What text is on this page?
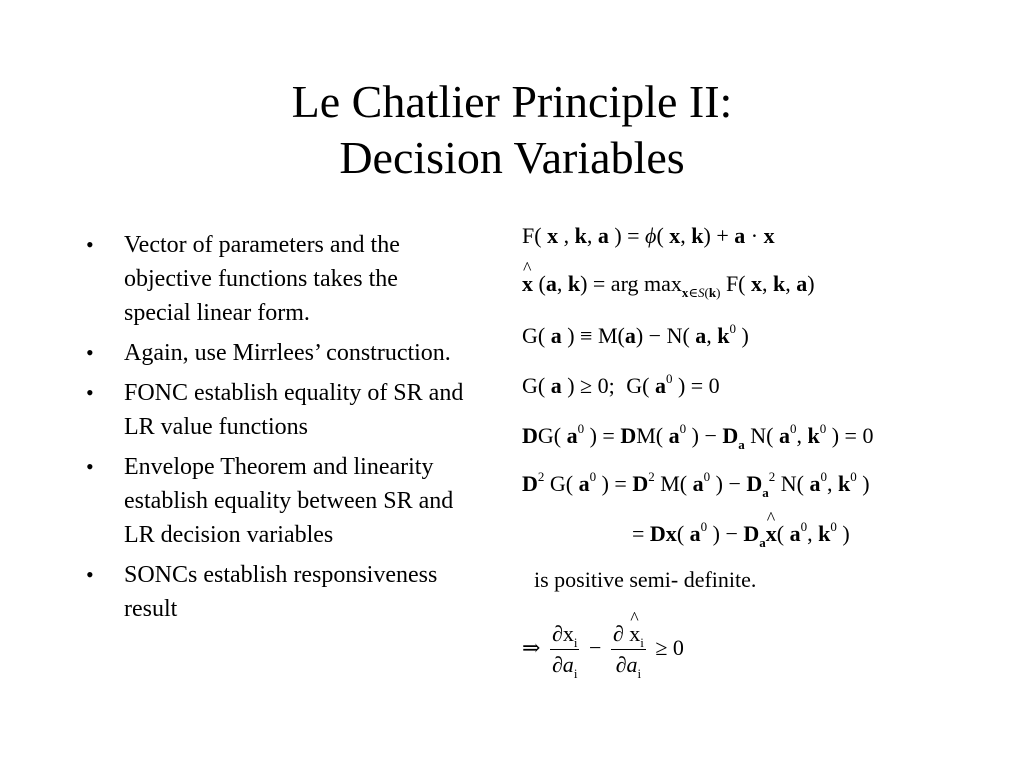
Le Chatlier Principle II:
Decision Variables
• Vector of parameters and the objective functions takes the special linear form.
• Again, use Mirrlees’ construction.
• FONC establish equality of SR and LR value functions
• Envelope Theorem and linearity establish equality between SR and LR decision variables
• SONCs establish responsiveness result
F( x , k, a ) = ϕ( x, k) + a · x
^ x (a, k) = arg $\max_{x\in S(k)} F$( x, k, a)
G( a ) ≡ M(a) − N( a, $k^0$ )
G( a ) ≥ 0; G( $a^0$ ) = 0
DG( $a^0$ ) = DM( $a^0$ ) − $D_a$ N( $a^0$, $k^0$ ) = 0
$D^2$ G( $a^0$ ) = $D^2$ M( $a^0$ ) − $D_a^2$ N( $a^0$, $k^0$ )
= Dx( $a^0$ ) − $D_a\^{}$ x( $a^0$, $k^0$ )
is positive semi- definite.
⇒ $\frac{\partial x_i}{\partial a_i} - \frac{\partial \^{} x_i}{\partial a_i} \ge 0$
